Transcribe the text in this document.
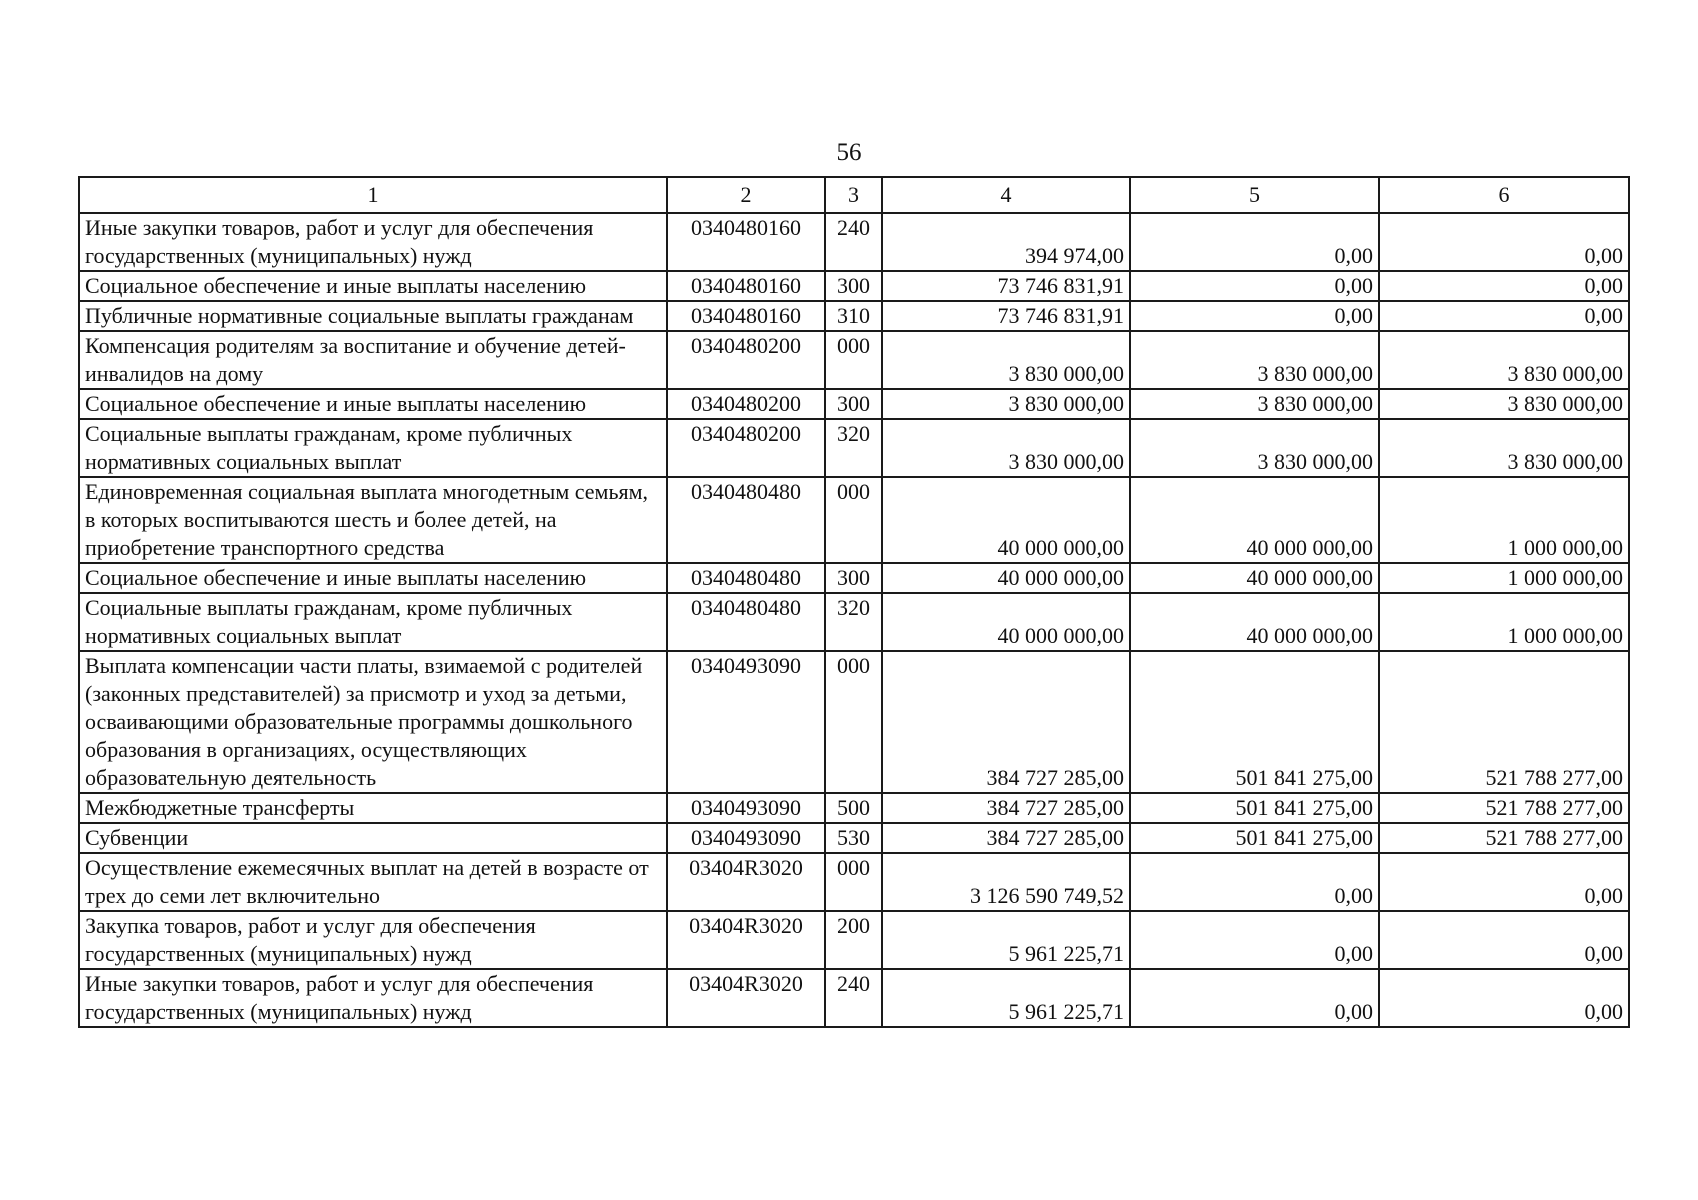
56
1	2	3	4	5	6
Иные закупки товаров, работ и услуг для обеспечения государственных (муниципальных) нужд	0340480160	240	394 974,00	0,00	0,00
Социальное обеспечение и иные выплаты населению	0340480160	300	73 746 831,91	0,00	0,00
Публичные нормативные социальные выплаты гражданам	0340480160	310	73 746 831,91	0,00	0,00
Компенсация родителям за воспитание и обучение детей-инвалидов на дому	0340480200	000	3 830 000,00	3 830 000,00	3 830 000,00
Социальное обеспечение и иные выплаты населению	0340480200	300	3 830 000,00	3 830 000,00	3 830 000,00
Социальные выплаты гражданам, кроме публичных нормативных социальных выплат	0340480200	320	3 830 000,00	3 830 000,00	3 830 000,00
Единовременная социальная выплата многодетным семьям, в которых воспитываются шесть и более детей, на приобретение транспортного средства	0340480480	000	40 000 000,00	40 000 000,00	1 000 000,00
Социальное обеспечение и иные выплаты населению	0340480480	300	40 000 000,00	40 000 000,00	1 000 000,00
Социальные выплаты гражданам, кроме публичных нормативных социальных выплат	0340480480	320	40 000 000,00	40 000 000,00	1 000 000,00
Выплата компенсации части платы, взимаемой с родителей (законных представителей) за присмотр и уход за детьми, осваивающими образовательные программы дошкольного образования в организациях, осуществляющих образовательную деятельность	0340493090	000	384 727 285,00	501 841 275,00	521 788 277,00
Межбюджетные трансферты	0340493090	500	384 727 285,00	501 841 275,00	521 788 277,00
Субвенции	0340493090	530	384 727 285,00	501 841 275,00	521 788 277,00
Осуществление ежемесячных выплат на детей в возрасте от трех до семи лет включительно	03404R3020	000	3 126 590 749,52	0,00	0,00
Закупка товаров, работ и услуг для обеспечения государственных (муниципальных) нужд	03404R3020	200	5 961 225,71	0,00	0,00
Иные закупки товаров, работ и услуг для обеспечения государственных (муниципальных) нужд	03404R3020	240	5 961 225,71	0,00	0,00
